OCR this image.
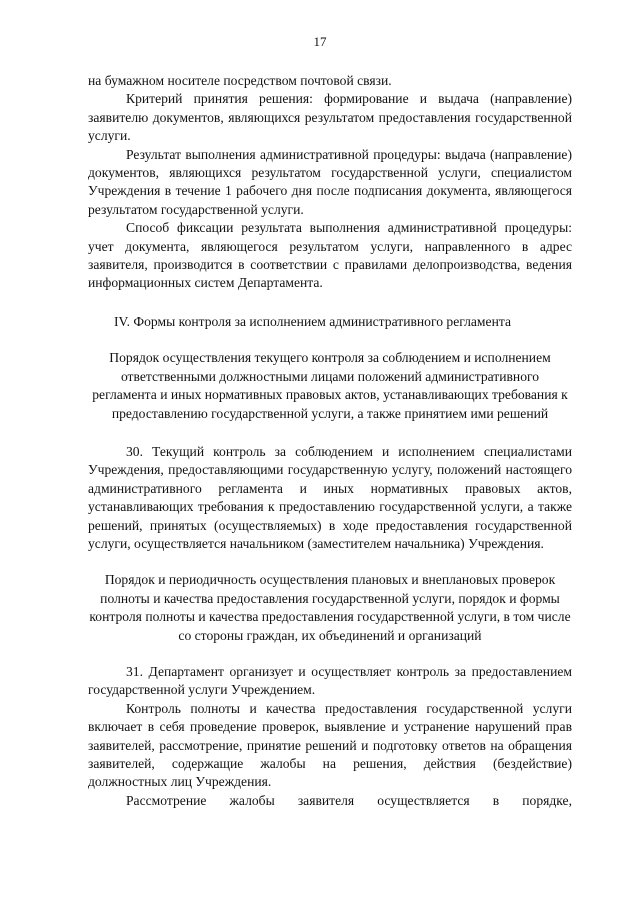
17

на бумажном носителе посредством почтовой связи.

Критерий принятия решения: формирование и выдача (направление) заявителю документов, являющихся результатом предоставления государственной услуги.

Результат выполнения административной процедуры: выдача (направление) документов, являющихся результатом государственной услуги, специалистом Учреждения в течение 1 рабочего дня после подписания документа, являющегося результатом государственной услуги.

Способ фиксации результата выполнения административной процедуры: учет документа, являющегося результатом услуги, направленного в адрес заявителя, производится в соответствии с правилами делопроизводства, ведения информационных систем Департамента.

IV. Формы контроля за исполнением административного регламента

Порядок осуществления текущего контроля за соблюдением и исполнением ответственными должностными лицами положений административного регламента и иных нормативных правовых актов, устанавливающих требования к предоставлению государственной услуги, а также принятием ими решений

30. Текущий контроль за соблюдением и исполнением специалистами Учреждения, предоставляющими государственную услугу, положений настоящего административного регламента и иных нормативных правовых актов, устанавливающих требования к предоставлению государственной услуги, а также решений, принятых (осуществляемых) в ходе предоставления государственной услуги, осуществляется начальником (заместителем начальника) Учреждения.

Порядок и периодичность осуществления плановых и внеплановых проверок полноты и качества предоставления государственной услуги, порядок и формы контроля полноты и качества предоставления государственной услуги, в том числе со стороны граждан, их объединений и организаций

31. Департамент организует и осуществляет контроль за предоставлением государственной услуги Учреждением.

Контроль полноты и качества предоставления государственной услуги включает в себя проведение проверок, выявление и устранение нарушений прав заявителей, рассмотрение, принятие решений и подготовку ответов на обращения заявителей, содержащие жалобы на решения, действия (бездействие) должностных лиц Учреждения.

Рассмотрение жалобы заявителя осуществляется в порядке,
